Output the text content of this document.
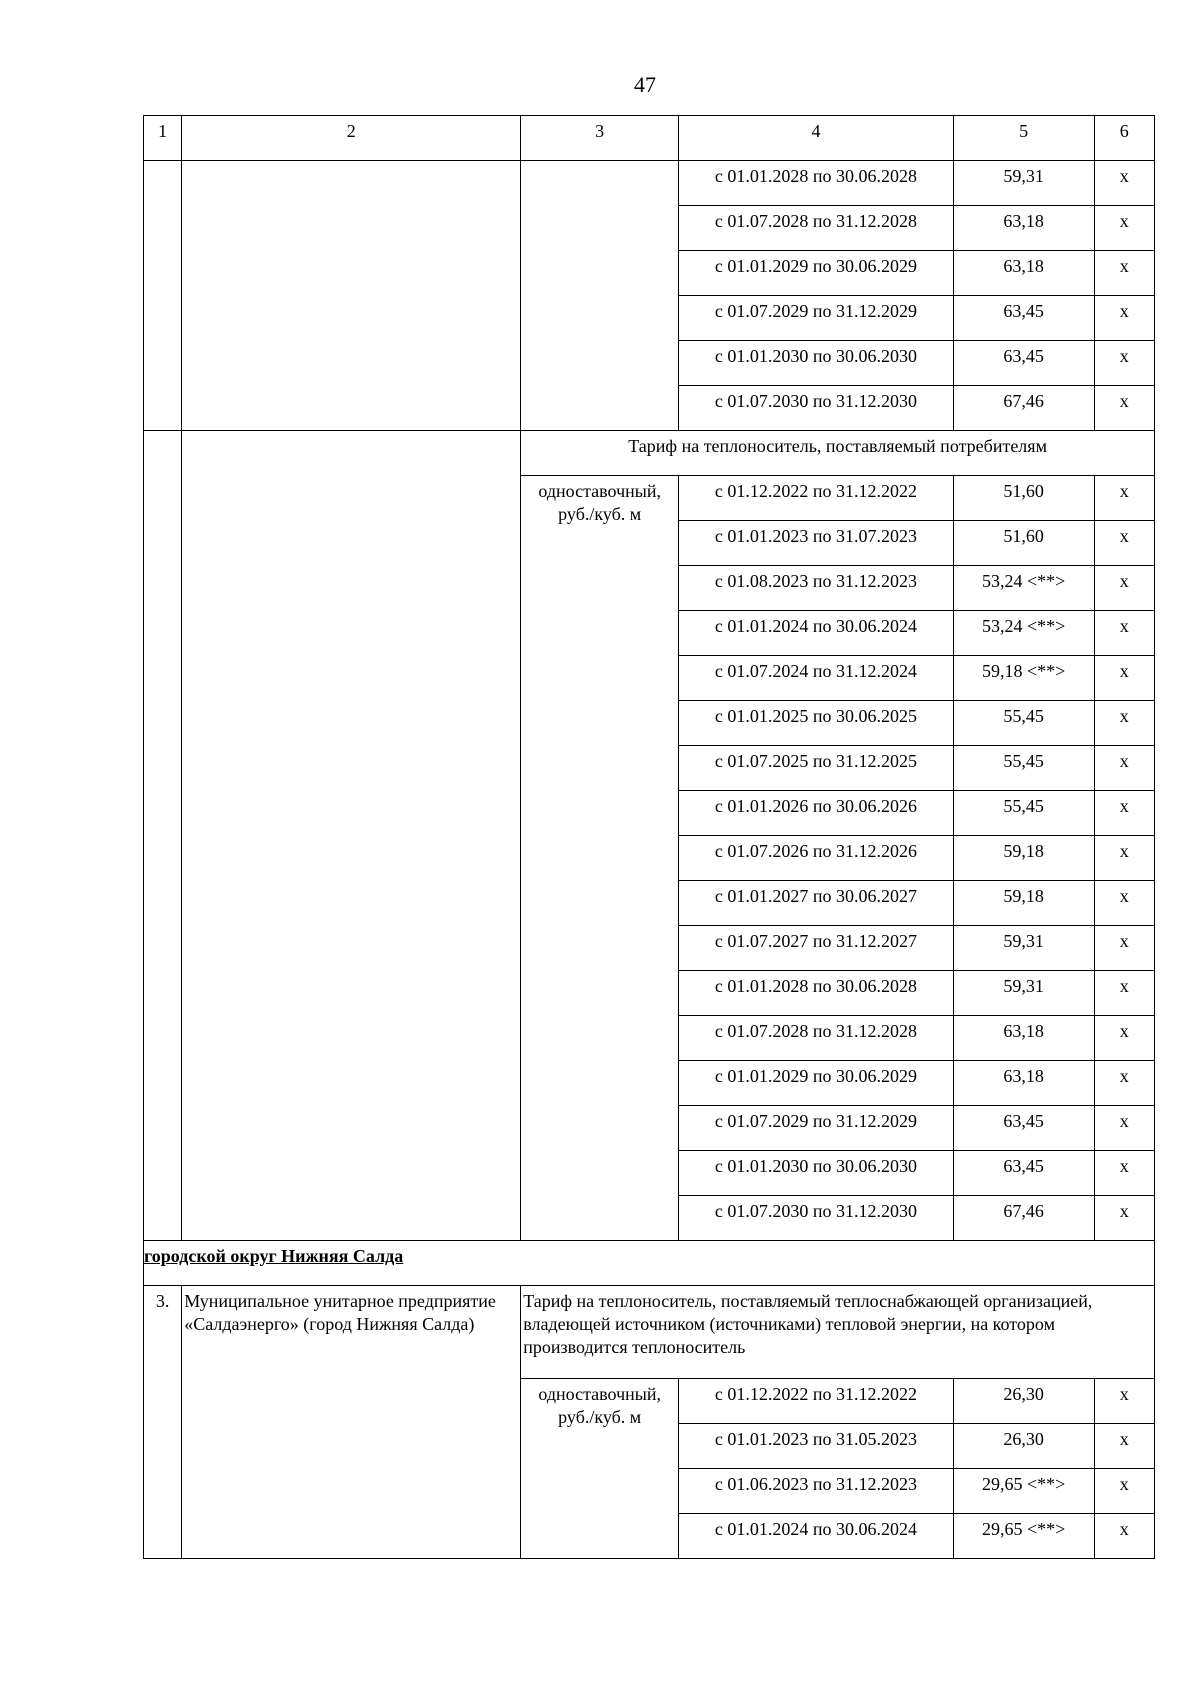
47
1	2	3	4	5	6
			с 01.01.2028 по 30.06.2028	59,31	x
			с 01.07.2028 по 31.12.2028	63,18	x
			с 01.01.2029 по 30.06.2029	63,18	x
			с 01.07.2029 по 31.12.2029	63,45	x
			с 01.01.2030 по 30.06.2030	63,45	x
			с 01.07.2030 по 31.12.2030	67,46	x
		Тариф на теплоноситель, поставляемый потребителям			
		одноставочный, руб./куб. м	с 01.12.2022 по 31.12.2022	51,60	x
			с 01.01.2023 по 31.07.2023	51,60	x
			с 01.08.2023 по 31.12.2023	53,24 <**>	x
			с 01.01.2024 по 30.06.2024	53,24 <**>	x
			с 01.07.2024 по 31.12.2024	59,18 <**>	x
			с 01.01.2025 по 30.06.2025	55,45	x
			с 01.07.2025 по 31.12.2025	55,45	x
			с 01.01.2026 по 30.06.2026	55,45	x
			с 01.07.2026 по 31.12.2026	59,18	x
			с 01.01.2027 по 30.06.2027	59,18	x
			с 01.07.2027 по 31.12.2027	59,31	x
			с 01.01.2028 по 30.06.2028	59,31	x
			с 01.07.2028 по 31.12.2028	63,18	x
			с 01.01.2029 по 30.06.2029	63,18	x
			с 01.07.2029 по 31.12.2029	63,45	x
			с 01.01.2030 по 30.06.2030	63,45	x
			с 01.07.2030 по 31.12.2030	67,46	x
городской округ Нижняя Салда					
3.	Муниципальное унитарное предприятие «Салдаэнерго» (город Нижняя Салда)	Тариф на теплоноситель, поставляемый теплоснабжающей организацией, владеющей источником (источниками) тепловой энергии, на котором производится теплоноситель			
		одноставочный, руб./куб. м	с 01.12.2022 по 31.12.2022	26,30	x
			с 01.01.2023 по 31.05.2023	26,30	x
			с 01.06.2023 по 31.12.2023	29,65 <**>	x
			с 01.01.2024 по 30.06.2024	29,65 <**>	x
